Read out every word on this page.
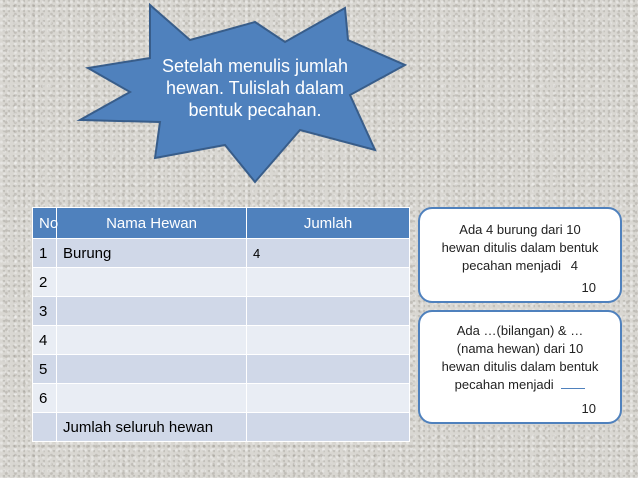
Setelah menulis jumlah
hewan. Tulislah dalam
bentuk pecahan.
No	Nama Hewan	Jumlah
1	Burung	4
2		
3		
4		
5		
6		
	Jumlah seluruh hewan	
Ada 4 burung dari 10
hewan ditulis dalam bentuk
pecahan menjadi 4
10
Ada …(bilangan) & …
(nama hewan) dari 10
hewan ditulis dalam bentuk
pecahan menjadi
10
